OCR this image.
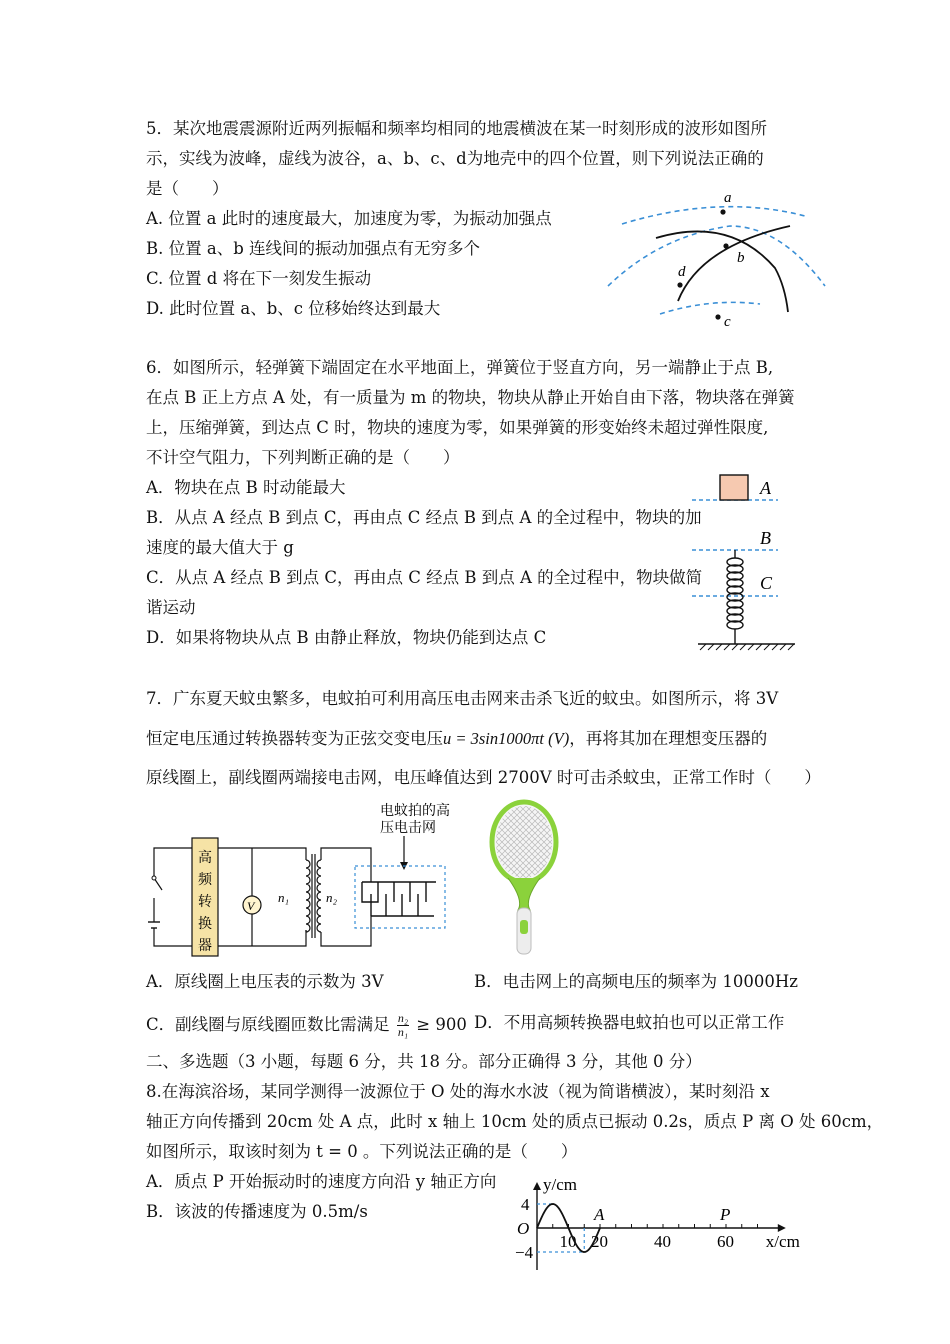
5．某次地震震源附近两列振幅和频率均相同的地震横波在某一时刻形成的波形如图所
示，实线为波峰，虚线为波谷，a、b、c、d为地壳中的四个位置，则下列说法正确的
是（　　）
A. 位置 a 此时的速度最大，加速度为零，为振动加强点
B. 位置 a、b 连线间的振动加强点有无穷多个
C. 位置 d 将在下一刻发生振动
D. 此时位置 a、b、c 位移始终达到最大
a
b
d
c
6．如图所示，轻弹簧下端固定在水平地面上，弹簧位于竖直方向，另一端静止于点 B,
在点 B 正上方点 A 处，有一质量为 m 的物块，物块从静止开始自由下落，物块落在弹簧
上，压缩弹簧，到达点 C 时，物块的速度为零，如果弹簧的形变始终未超过弹性限度,
不计空气阻力，下列判断正确的是（　　）
A．物块在点 B 时动能最大
B．从点 A 经点 B 到点 C，再由点 C 经点 B 到点 A 的全过程中，物块的加
速度的最大值大于 g
C．从点 A 经点 B 到点 C，再由点 C 经点 B 到点 A 的全过程中，物块做简
谐运动
D．如果将物块从点 B 由静止释放，物块仍能到达点 C
A
B
C
7．广东夏天蚊虫繁多，电蚊拍可利用高压电击网来击杀飞近的蚊虫。如图所示，将 3V
恒定电压通过转换器转变为正弦交变电压u = 3sin1000πt (V)，再将其加在理想变压器的
原线圈上，副线圈两端接电击网，电压峰值达到 2700V 时可击杀蚊虫，正常工作时（　　）
电蚊拍的高
压电击网
高
频
转
换
器
V
n₁	n₂
A．原线圈上电压表的示数为 3V	B．电击网上的高频电压的频率为 10000Hz
C．副线圈与原线圈匝数比需满足 $\frac{\text{n₂}}{\text{n₁}} \ge 900$ D．不用高频转换器电蚊拍也可以正常工作
二、多选题（3 小题，每题 6 分，共 18 分。部分正确得 3 分，其他 0 分）
8.在海滨浴场，某同学测得一波源位于 O 处的海水水波（视为简谐横波），某时刻沿 x
轴正方向传播到 20cm 处 A 点，此时 x 轴上 10cm 处的质点已振动 0.2s，质点 P 离 O 处 60cm，
如图所示，取该时刻为 t = 0 。下列说法正确的是（　　）
A．质点 P 开始振动时的速度方向沿 y 轴正方向
B．该波的传播速度为 0.5m/s
10 20	40	60
4
−4
O
y/cm
x/cm
A	P
